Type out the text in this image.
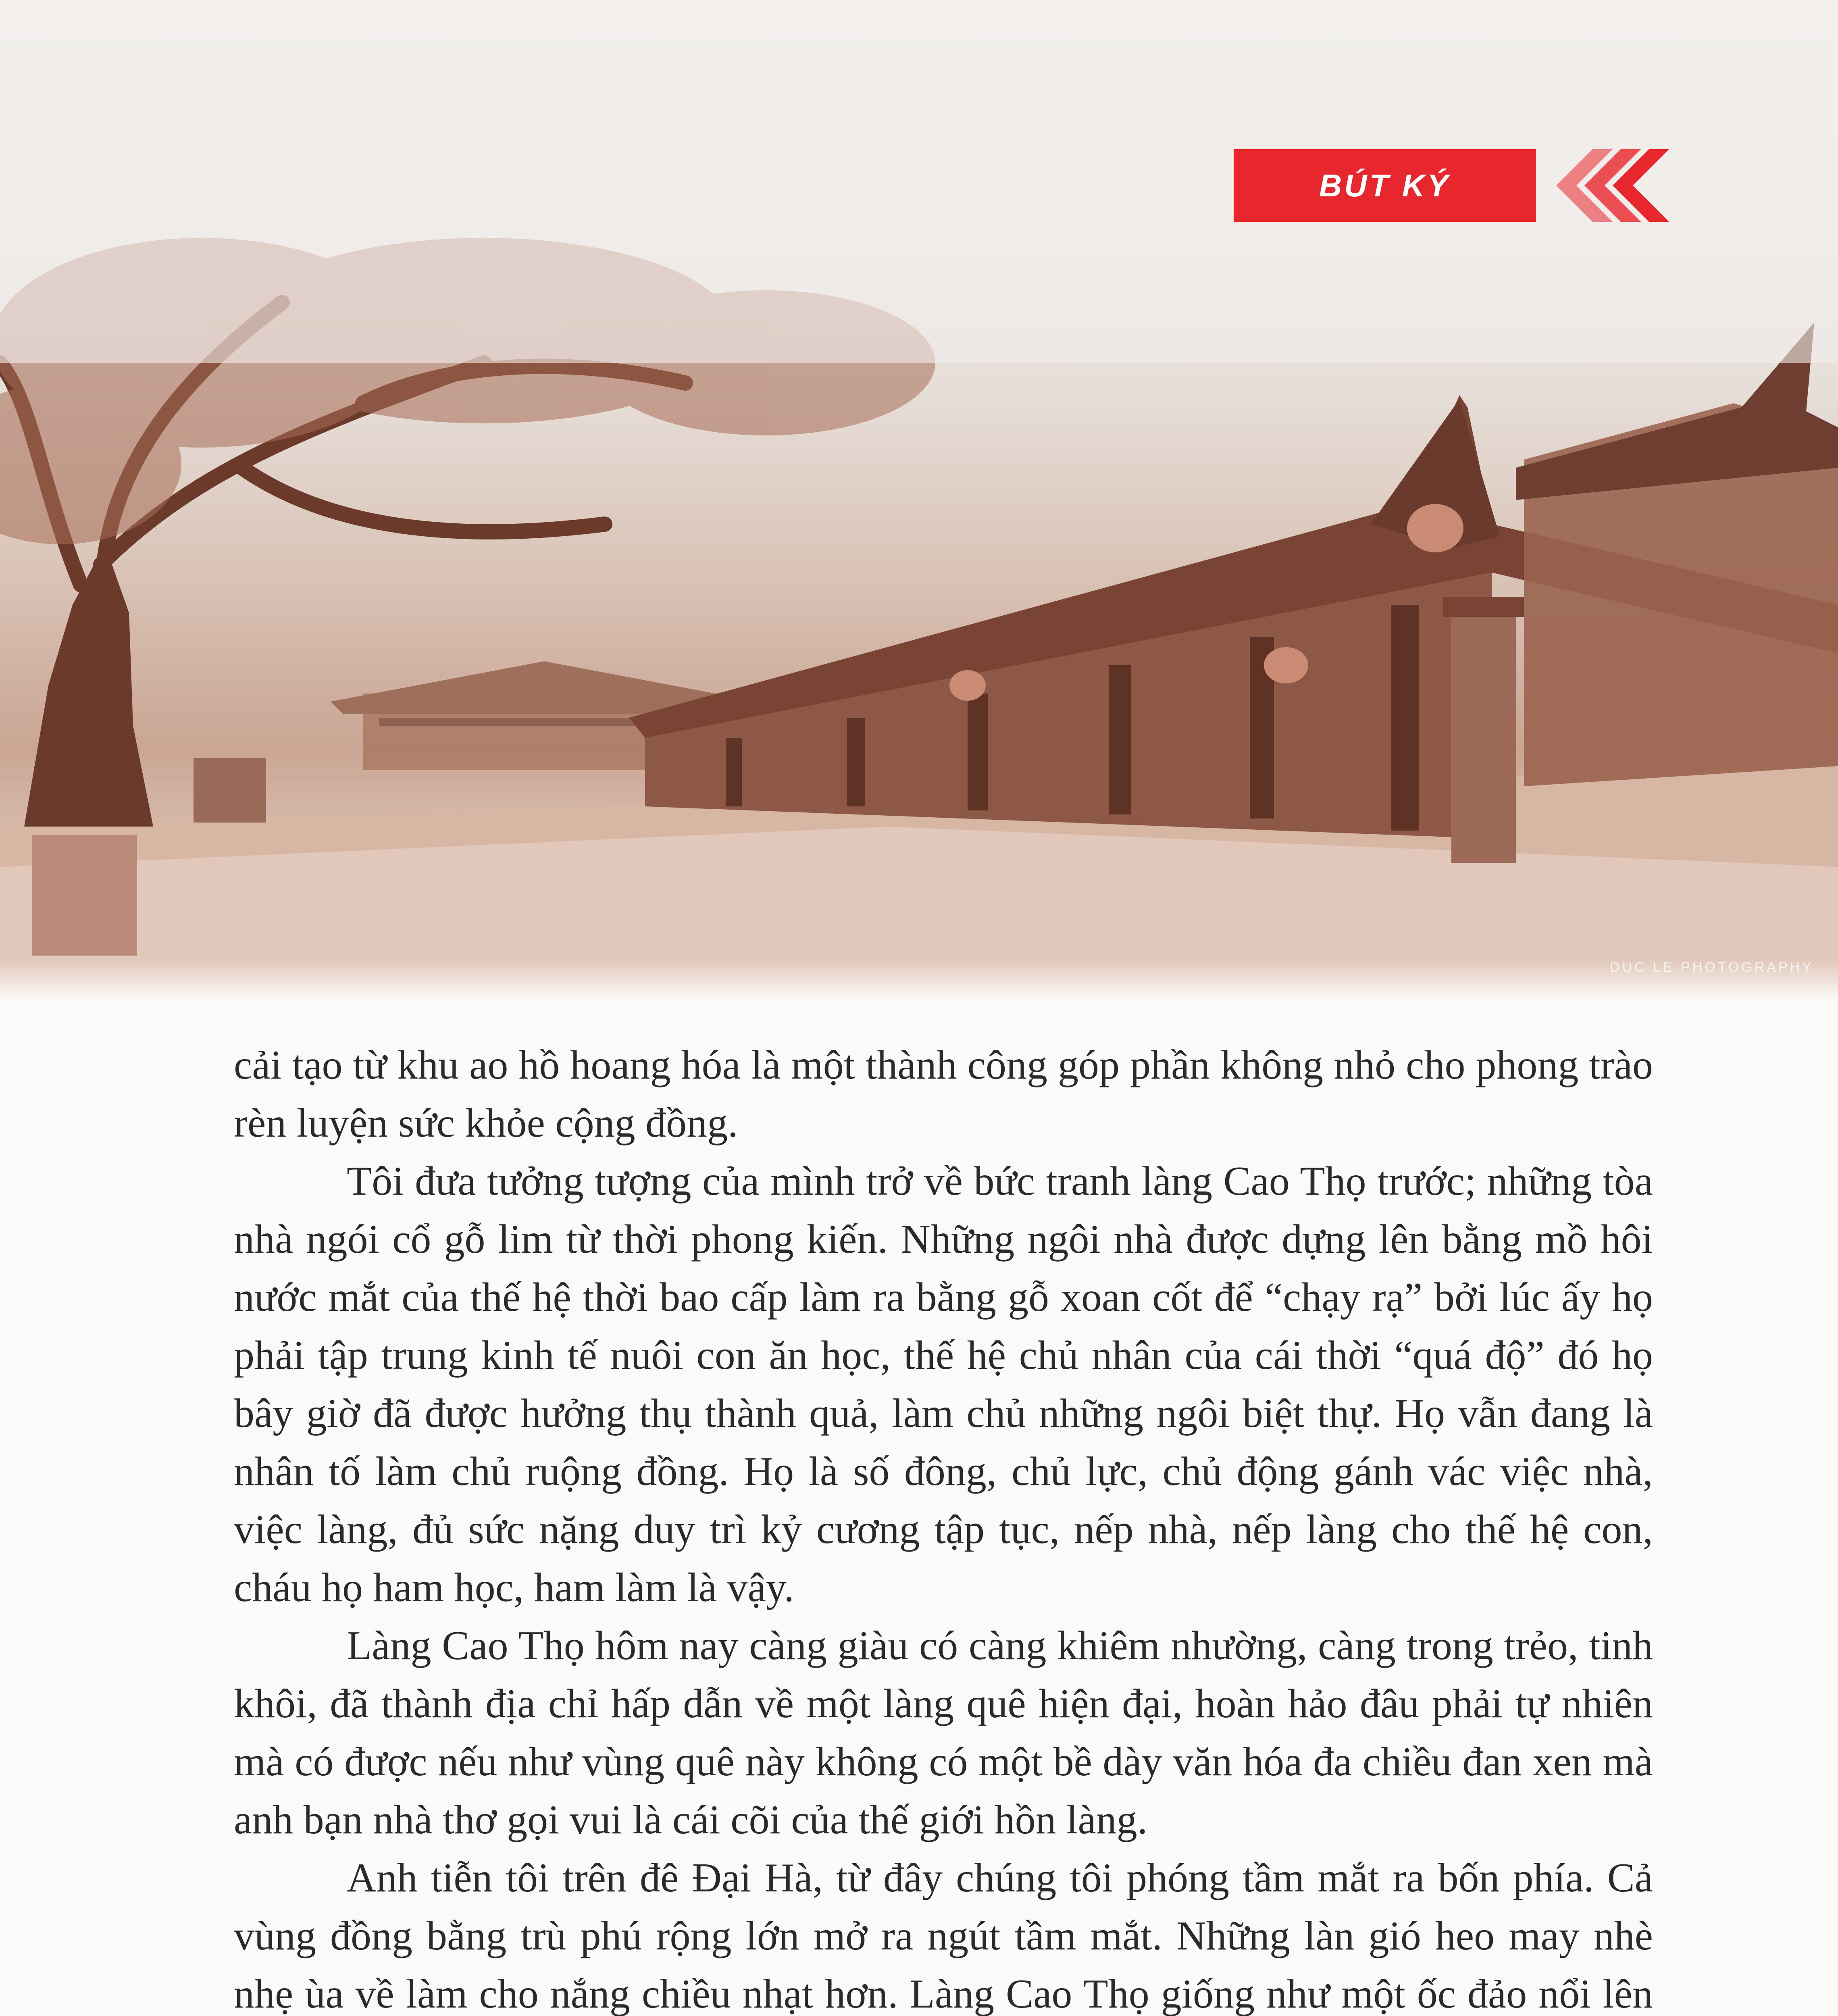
DUC LE PHOTOGRAPHY
BÚT KÝ

cải tạo từ khu ao hồ hoang hóa là một thành công góp phần không nhỏ cho phong trào rèn luyện sức khỏe cộng đồng.

Tôi đưa tưởng tượng của mình trở về bức tranh làng Cao Thọ trước; những tòa nhà ngói cổ gỗ lim từ thời phong kiến. Những ngôi nhà được dựng lên bằng mồ hôi nước mắt của thế hệ thời bao cấp làm ra bằng gỗ xoan cốt để “chạy rạ” bởi lúc ấy họ phải tập trung kinh tế nuôi con ăn học, thế hệ chủ nhân của cái thời “quá độ” đó họ bây giờ đã được hưởng thụ thành quả, làm chủ những ngôi biệt thự. Họ vẫn đang là nhân tố làm chủ ruộng đồng. Họ là số đông, chủ lực, chủ động gánh vác việc nhà, việc làng, đủ sức nặng duy trì kỷ cương tập tục, nếp nhà, nếp làng cho thế hệ con, cháu họ ham học, ham làm là vậy.

Làng Cao Thọ hôm nay càng giàu có càng khiêm nhường, càng trong trẻo, tinh khôi, đã thành địa chỉ hấp dẫn về một làng quê hiện đại, hoàn hảo đâu phải tự nhiên mà có được nếu như vùng quê này không có một bề dày văn hóa đa chiều đan xen mà anh bạn nhà thơ gọi vui là cái cõi của thế giới hồn làng.

Anh tiễn tôi trên đê Đại Hà, từ đây chúng tôi phóng tầm mắt ra bốn phía. Cả vùng đồng bằng trù phú rộng lớn mở ra ngút tầm mắt. Những làn gió heo may nhè nhẹ ùa về làm cho nắng chiều nhạt hơn. Làng Cao Thọ giống như một ốc đảo nổi lên
